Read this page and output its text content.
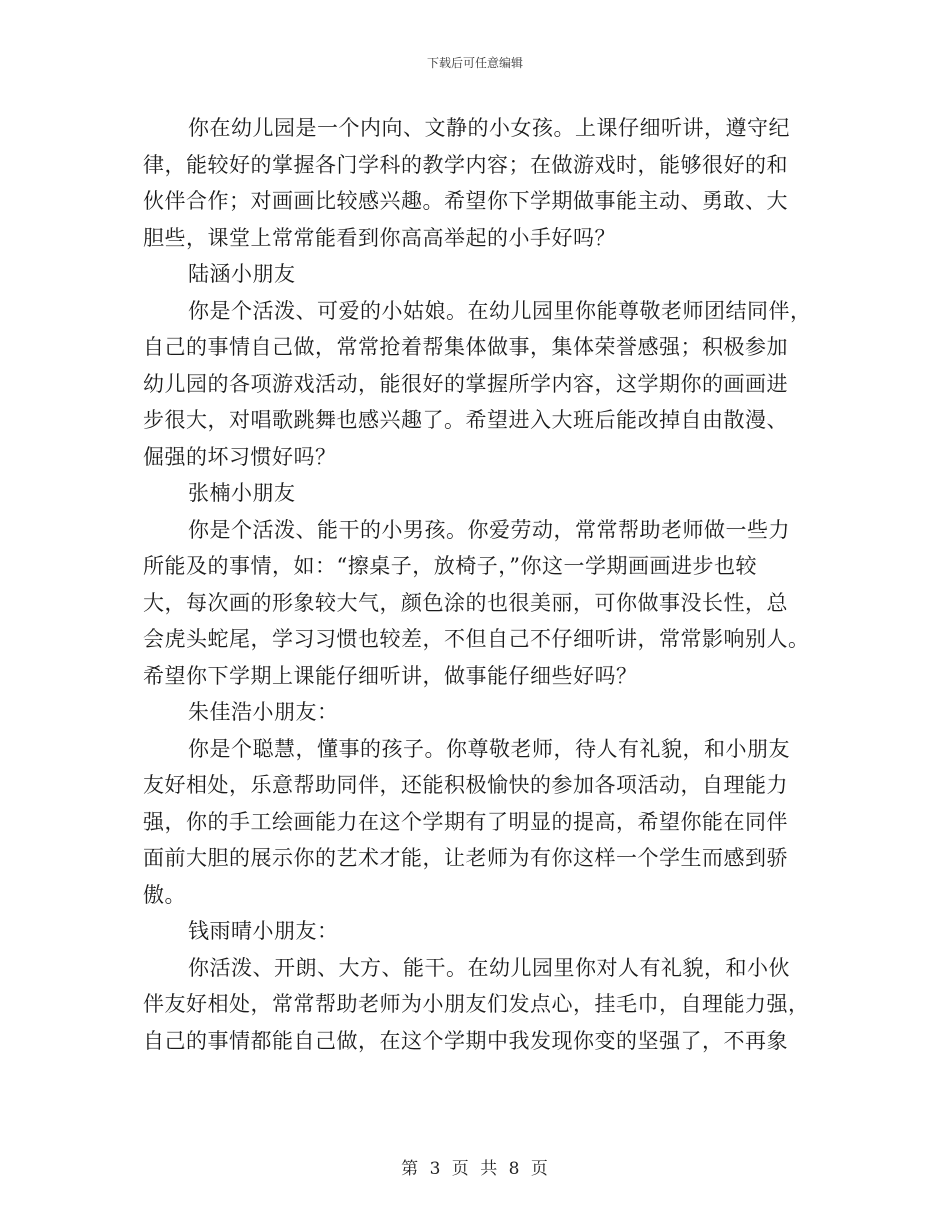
下载后可任意编辑
你在幼儿园是一个内向、文静的小女孩。上课仔细听讲，遵守纪
律，能较好的掌握各门学科的教学内容；在做游戏时，能够很好的和
伙伴合作；对画画比较感兴趣。希望你下学期做事能主动、勇敢、大
胆些，课堂上常常能看到你高高举起的小手好吗？
陆涵小朋友
你是个活泼、可爱的小姑娘。在幼儿园里你能尊敬老师团结同伴，
自己的事情自己做，常常抢着帮集体做事，集体荣誉感强；积极参加
幼儿园的各项游戏活动，能很好的掌握所学内容，这学期你的画画进
步很大，对唱歌跳舞也感兴趣了。希望进入大班后能改掉自由散漫、
倔强的坏习惯好吗？
张楠小朋友
你是个活泼、能干的小男孩。你爱劳动，常常帮助老师做一些力
所能及的事情，如：“擦桌子，放椅子，”你这一学期画画进步也较
大，每次画的形象较大气，颜色涂的也很美丽，可你做事没长性，总
会虎头蛇尾，学习习惯也较差，不但自己不仔细听讲，常常影响别人。
希望你下学期上课能仔细听讲，做事能仔细些好吗？
朱佳浩小朋友：
你是个聪慧，懂事的孩子。你尊敬老师，待人有礼貌，和小朋友
友好相处，乐意帮助同伴，还能积极愉快的参加各项活动，自理能力
强，你的手工绘画能力在这个学期有了明显的提高，希望你能在同伴
面前大胆的展示你的艺术才能，让老师为有你这样一个学生而感到骄
傲。
钱雨晴小朋友：
你活泼、开朗、大方、能干。在幼儿园里你对人有礼貌，和小伙
伴友好相处，常常帮助老师为小朋友们发点心，挂毛巾，自理能力强，
自己的事情都能自己做，在这个学期中我发现你变的坚强了，不再象
第 3 页 共 8 页
